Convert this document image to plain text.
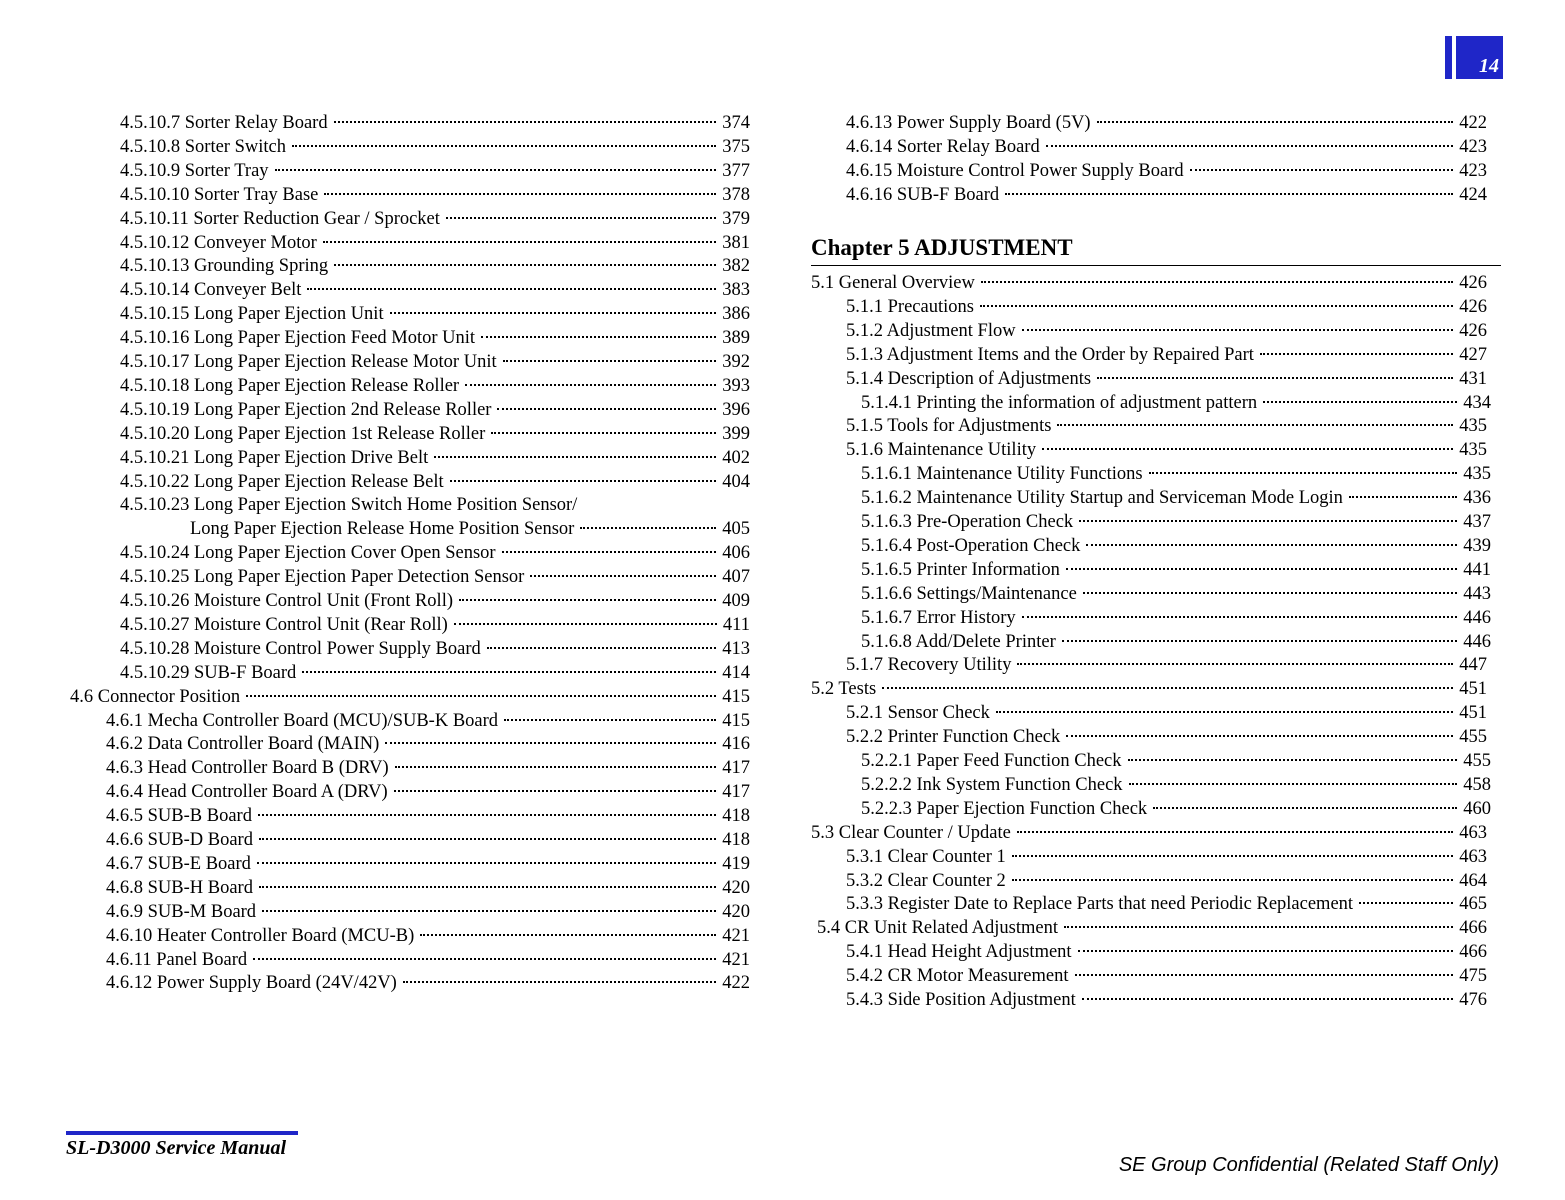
14
4.5.10.7 Sorter Relay Board	374
4.5.10.8 Sorter Switch	375
4.5.10.9 Sorter Tray	377
4.5.10.10 Sorter Tray Base	378
4.5.10.11 Sorter Reduction Gear / Sprocket	379
4.5.10.12 Conveyer Motor	381
4.5.10.13 Grounding Spring	382
4.5.10.14 Conveyer Belt	383
4.5.10.15 Long Paper Ejection Unit	386
4.5.10.16 Long Paper Ejection Feed Motor Unit	389
4.5.10.17 Long Paper Ejection Release Motor Unit	392
4.5.10.18 Long Paper Ejection Release Roller	393
4.5.10.19 Long Paper Ejection 2nd Release Roller	396
4.5.10.20 Long Paper Ejection 1st Release Roller	399
4.5.10.21 Long Paper Ejection Drive Belt	402
4.5.10.22 Long Paper Ejection Release Belt	404
4.5.10.23 Long Paper Ejection Switch Home Position Sensor/
Long Paper Ejection Release Home Position Sensor	405
4.5.10.24 Long Paper Ejection Cover Open Sensor	406
4.5.10.25 Long Paper Ejection Paper Detection Sensor	407
4.5.10.26 Moisture Control Unit (Front Roll)	409
4.5.10.27 Moisture Control Unit (Rear Roll)	411
4.5.10.28 Moisture Control Power Supply Board	413
4.5.10.29 SUB-F Board	414
4.6 Connector Position	415
4.6.1 Mecha Controller Board (MCU)/SUB-K Board	415
4.6.2 Data Controller Board (MAIN)	416
4.6.3 Head Controller Board B (DRV)	417
4.6.4 Head Controller Board A (DRV)	417
4.6.5 SUB-B Board	418
4.6.6 SUB-D Board	418
4.6.7 SUB-E Board	419
4.6.8 SUB-H Board	420
4.6.9 SUB-M Board	420
4.6.10 Heater Controller Board (MCU-B)	421
4.6.11 Panel Board	421
4.6.12 Power Supply Board (24V/42V)	422
4.6.13 Power Supply Board (5V)	422
4.6.14 Sorter Relay Board	423
4.6.15 Moisture Control Power Supply Board	423
4.6.16 SUB-F Board	424
Chapter 5 ADJUSTMENT
5.1 General Overview	426
5.1.1 Precautions	426
5.1.2 Adjustment Flow	426
5.1.3 Adjustment Items and the Order by Repaired Part	427
5.1.4 Description of Adjustments	431
5.1.4.1 Printing the information of adjustment pattern	434
5.1.5 Tools for Adjustments	435
5.1.6 Maintenance Utility	435
5.1.6.1 Maintenance Utility Functions	435
5.1.6.2 Maintenance Utility Startup and Serviceman Mode Login	436
5.1.6.3 Pre-Operation Check	437
5.1.6.4 Post-Operation Check	439
5.1.6.5 Printer Information	441
5.1.6.6 Settings/Maintenance	443
5.1.6.7 Error History	446
5.1.6.8 Add/Delete Printer	446
5.1.7 Recovery Utility	447
5.2 Tests	451
5.2.1 Sensor Check	451
5.2.2 Printer Function Check	455
5.2.2.1 Paper Feed Function Check	455
5.2.2.2 Ink System Function Check	458
5.2.2.3 Paper Ejection Function Check	460
5.3 Clear Counter / Update	463
5.3.1 Clear Counter 1	463
5.3.2 Clear Counter 2	464
5.3.3 Register Date to Replace Parts that need Periodic Replacement	465
5.4 CR Unit Related Adjustment	466
5.4.1 Head Height Adjustment	466
5.4.2 CR Motor Measurement	475
5.4.3 Side Position Adjustment	476
SL-D3000 Service Manual
SE Group Confidential (Related Staff Only)
